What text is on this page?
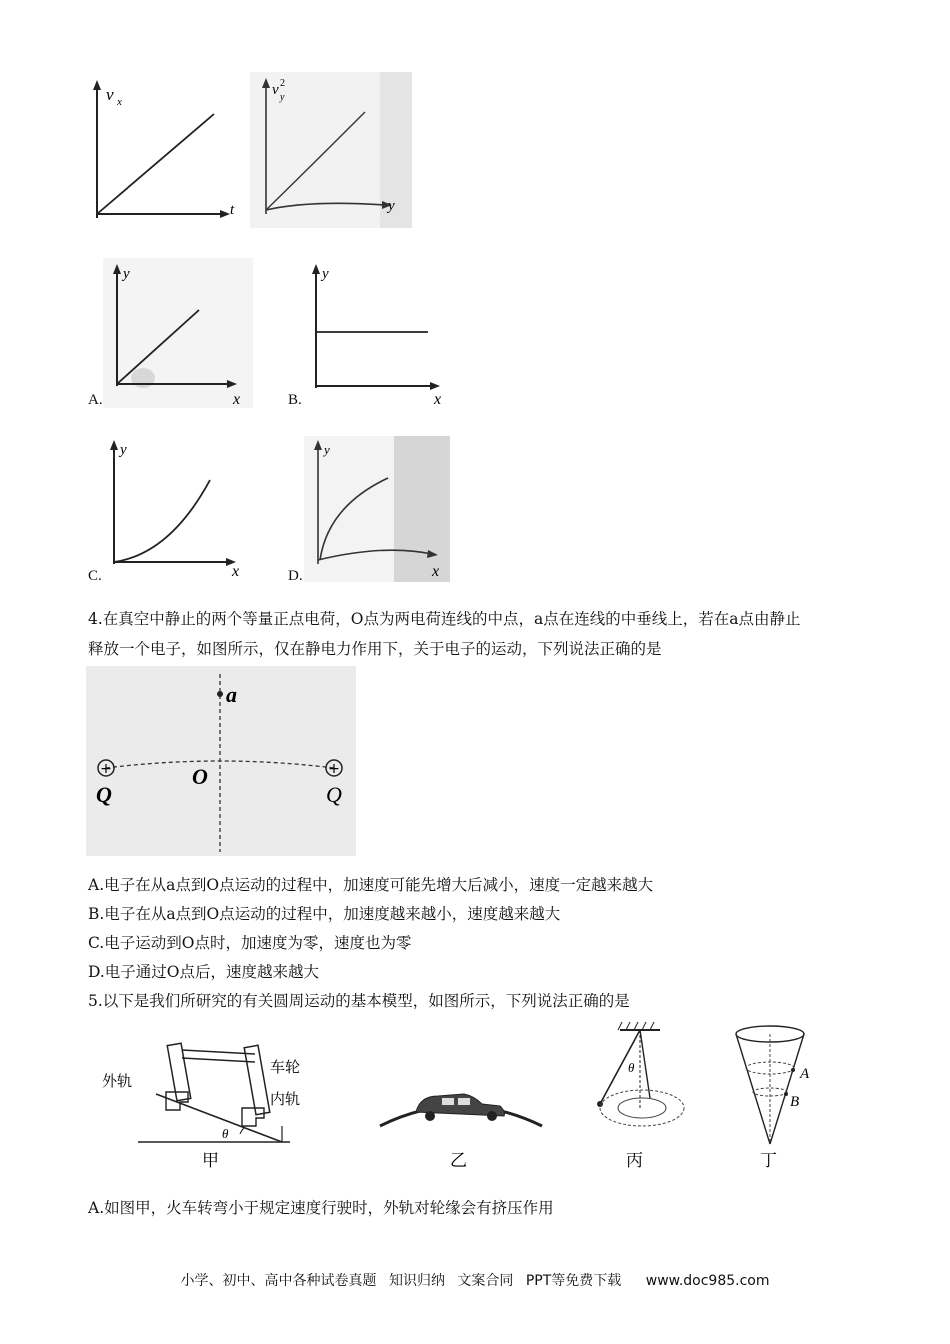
v x
t
v 2
y
y
A.
y
x	B.
y
x
C.
y
x	D.
y
x
4.在真空中静止的两个等量正点电荷，O点为两电荷连线的中点，a点在连线的中垂线上，若在a点由静止
释放一个电子，如图所示，仅在静电力作用下，关于电子的运动，下列说法正确的是
+	+
a
O
Q	Q
A.电子在从a点到O点运动的过程中，加速度可能先增大后减小，速度一定越来越大
B.电子在从a点到O点运动的过程中，加速度越来越小，速度越来越大
C.电子运动到O点时，加速度为零，速度也为零
D.电子通过O点后，速度越来越大
5.以下是我们所研究的有关圆周运动的基本模型，如图所示，下列说法正确的是
外轨
车轮
内轨
θ
甲	乙
θ
丙
A
B
丁
A.如图甲，火车转弯小于规定速度行驶时，外轨对轮缘会有挤压作用
小学、初中、高中各种试卷真题 知识归纳 文案合同 PPT等免费下载 www.doc985.com
